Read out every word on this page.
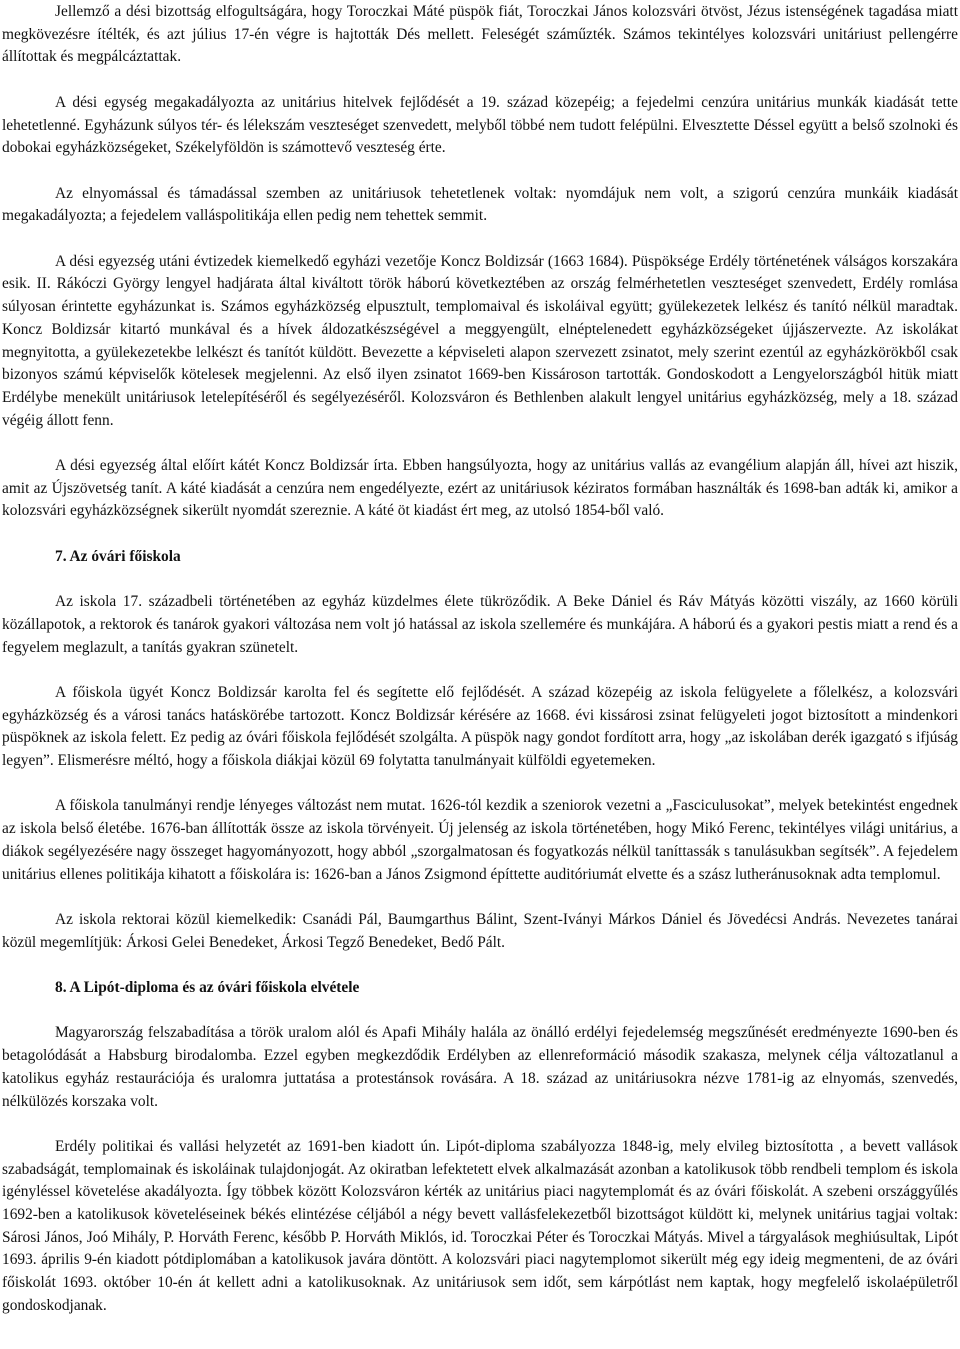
Jellemző a dési bizottság elfogultságára, hogy Toroczkai Máté püspök fiát, Toroczkai János kolozsvári ötvöst, Jézus istenségének tagadása miatt megkövezésre ítélték, és azt július 17-én végre is hajtották Dés mellett. Feleségét száműzték. Számos tekintélyes kolozsvári unitáriust pellengérre állítottak és megpálcáztattak.

A dési egység megakadályozta az unitárius hitelvek fejlődését a 19. század közepéig; a fejedelmi cenzúra unitárius munkák kiadását tette lehetetlenné. Egyházunk súlyos tér- és lélekszám veszteséget szenvedett, melyből többé nem tudott felépülni. Elvesztette Déssel együtt a belső szolnoki és dobokai egyházközségeket, Székelyföldön is számottevő veszteség érte.

Az elnyomással és támadással szemben az unitáriusok tehetetlenek voltak: nyomdájuk nem volt, a szigorú cenzúra munkáik kiadását megakadályozta; a fejedelem valláspolitikája ellen pedig nem tehettek semmit.

A dési egyezség utáni évtizedek kiemelkedő egyházi vezetője Koncz Boldizsár (1663 1684). Püspöksége Erdély történetének válságos korszakára esik. II. Rákóczi György lengyel hadjárata által kiváltott török háború következtében az ország felmérhetetlen veszteséget szenvedett, Erdély romlása súlyosan érintette egyházunkat is. Számos egyházközség elpusztult, templomaival és iskoláival együtt; gyülekezetek lelkész és tanító nélkül maradtak. Koncz Boldizsár kitartó munkával és a hívek áldozatkészségével a meggyengült, elnéptelenedett egyházközségeket újjászervezte. Az iskolákat megnyitotta, a gyülekezetekbe lelkészt és tanítót küldött. Bevezette a képviseleti alapon szervezett zsinatot, mely szerint ezentúl az egyházkörökből csak bizonyos számú képviselők kötelesek megjelenni. Az első ilyen zsinatot 1669-ben Kissároson tartották. Gondoskodott a Lengyelországból hitük miatt Erdélybe menekült unitáriusok letelepítéséről és segélyezéséről. Kolozsváron és Bethlenben alakult lengyel unitárius egyházközség, mely a 18. század végéig állott fenn.

A dési egyezség által előírt kátét Koncz Boldizsár írta. Ebben hangsúlyozta, hogy az unitárius vallás az evangélium alapján áll, hívei azt hiszik, amit az Újszövetség tanít. A káté kiadását a cenzúra nem engedélyezte, ezért az unitáriusok kéziratos formában használták és 1698-ban adták ki, amikor a kolozsvári egyházközségnek sikerült nyomdát szereznie. A káté öt kiadást ért meg, az utolsó 1854-ből való.

7. Az óvári főiskola

Az iskola 17. századbeli történetében az egyház küzdelmes élete tükröződik. A Beke Dániel és Ráv Mátyás közötti viszály, az 1660 körüli közállapotok, a rektorok és tanárok gyakori változása nem volt jó hatással az iskola szellemére és munkájára. A háború és a gyakori pestis miatt a rend és a fegyelem meglazult, a tanítás gyakran szünetelt.

A főiskola ügyét Koncz Boldizsár karolta fel és segítette elő fejlődését. A század közepéig az iskola felügyelete a főlelkész, a kolozsvári egyházközség és a városi tanács hatáskörébe tartozott. Koncz Boldizsár kérésére az 1668. évi kissárosi zsinat felügyeleti jogot biztosított a mindenkori püspöknek az iskola felett. Ez pedig az óvári főiskola fejlődését szolgálta. A püspök nagy gondot fordított arra, hogy „az iskolában derék igazgató s ifjúság legyen”. Elismerésre méltó, hogy a főiskola diákjai közül 69 folytatta tanulmányait külföldi egyetemeken.

A főiskola tanulmányi rendje lényeges változást nem mutat. 1626-tól kezdik a szeniorok vezetni a „Fasciculusokat”, melyek betekintést engednek az iskola belső életébe. 1676-ban állították össze az iskola törvényeit. Új jelenség az iskola történetében, hogy Mikó Ferenc, tekintélyes világi unitárius, a diákok segélyezésére nagy összeget hagyományozott, hogy abból „szorgalmatosan és fogyatkozás nélkül taníttassák s tanulásukban segítsék”. A fejedelem unitárius ellenes politikája kihatott a főiskolára is: 1626-ban a János Zsigmond építtette auditóriumát elvette és a szász lutheránusoknak adta templomul.

Az iskola rektorai közül kiemelkedik: Csanádi Pál, Baumgarthus Bálint, Szent-Iványi Márkos Dániel és Jövedécsi András. Nevezetes tanárai közül megemlítjük: Árkosi Gelei Benedeket, Árkosi Tegző Benedeket, Bedő Pált.

8. A Lipót-diploma és az óvári főiskola elvétele

Magyarország felszabadítása a török uralom alól és Apafi Mihály halála az önálló erdélyi fejedelemség megszűnését eredményezte 1690-ben és betagolódását a Habsburg birodalomba. Ezzel egyben megkezdődik Erdélyben az ellenreformáció második szakasza, melynek célja változatlanul a katolikus egyház restaurációja és uralomra juttatása a protestánsok rovására. A 18. század az unitáriusokra nézve 1781-ig az elnyomás, szenvedés, nélkülözés korszaka volt.

Erdély politikai és vallási helyzetét az 1691-ben kiadott ún. Lipót-diploma szabályozza 1848-ig, mely elvileg biztosította , a bevett vallások szabadságát, templomainak és iskoláinak tulajdonjogát. Az okiratban lefektetett elvek alkalmazását azonban a katolikusok több rendbeli templom és iskola igényléssel követelése akadályozta. Így többek között Kolozsváron kérték az unitárius piaci nagytemplomát és az óvári főiskolát. A szebeni országgyűlés 1692-ben a katolikusok követeléseinek békés elintézése céljából a négy bevett vallásfelekezetből bizottságot küldött ki, melynek unitárius tagjai voltak: Sárosi János, Joó Mihály, P. Horváth Ferenc, később P. Horváth Miklós, id. Toroczkai Péter és Toroczkai Mátyás. Mivel a tárgyalások meghiúsultak, Lipót 1693. április 9-én kiadott pótdiplomában a katolikusok javára döntött. A kolozsvári piaci nagytemplomot sikerült még egy ideig megmenteni, de az óvári főiskolát 1693. október 10-én át kellett adni a katolikusoknak. Az unitáriusok sem időt, sem kárpótlást nem kaptak, hogy megfelelő iskolaépületről gondoskodjanak.
